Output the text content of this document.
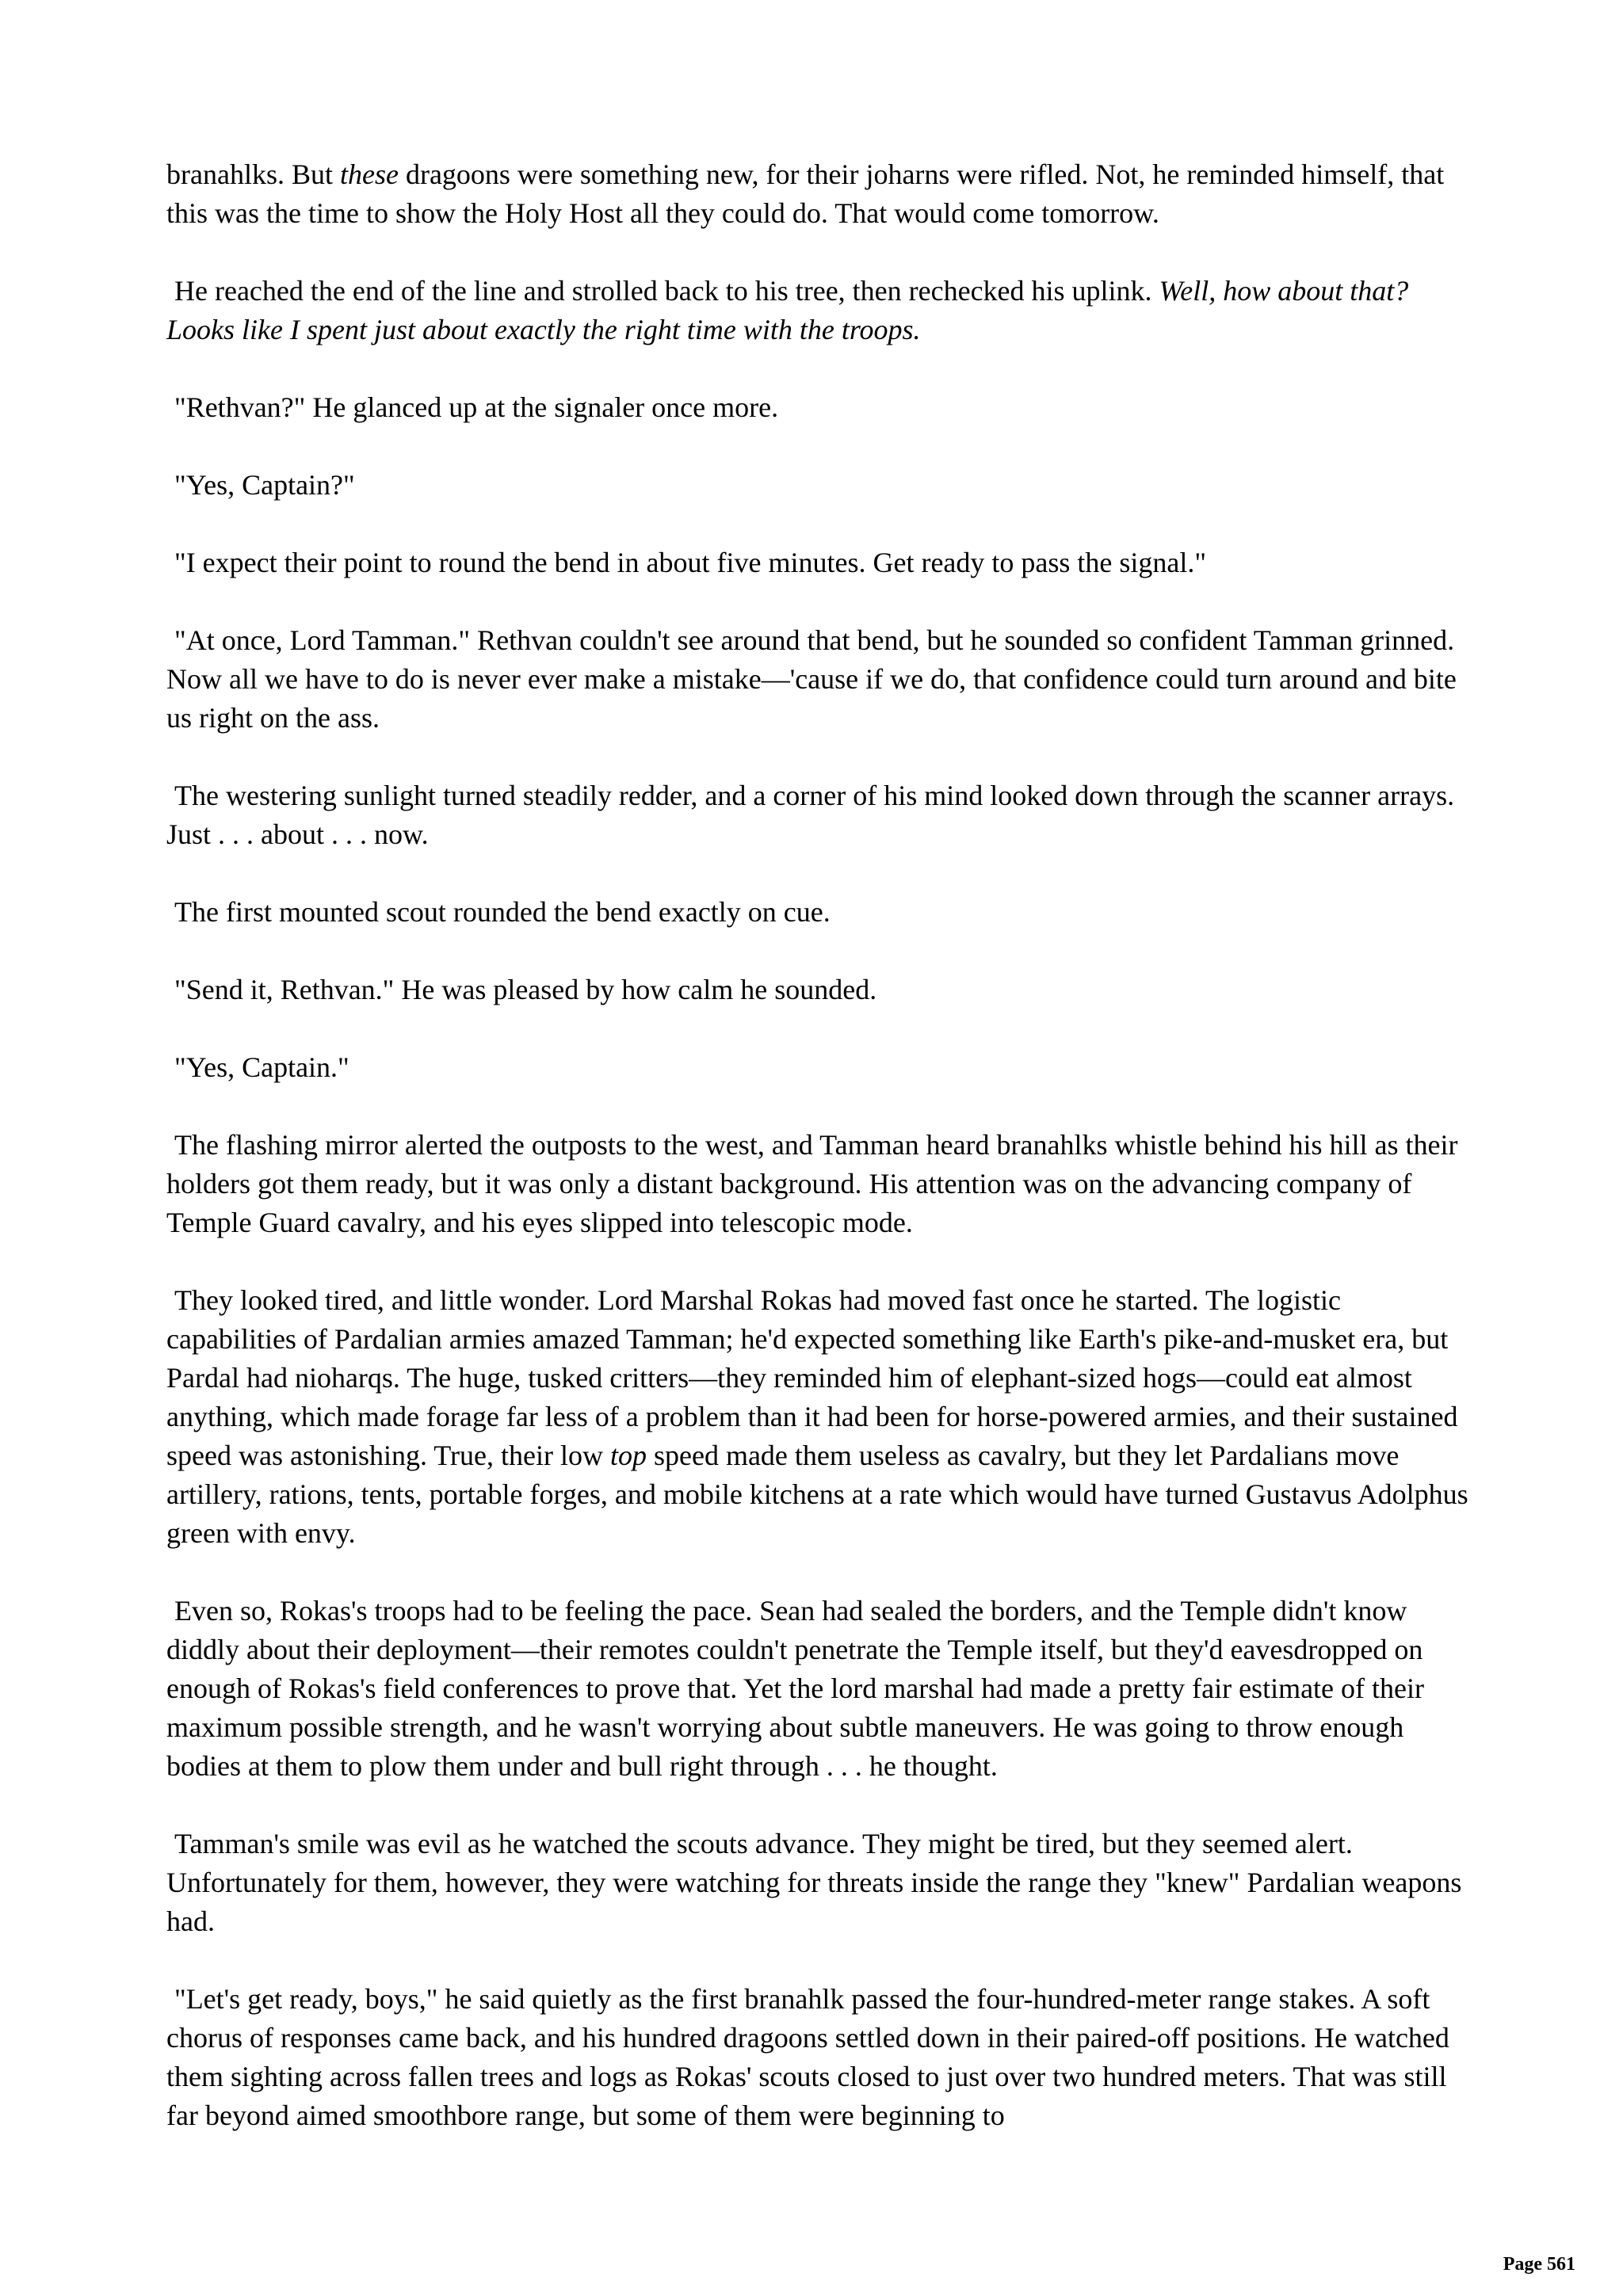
branahlks. But these dragoons were something new, for their joharns were rifled. Not, he reminded himself, that this was the time to show the Holy Host all they could do. That would come tomorrow.

He reached the end of the line and strolled back to his tree, then rechecked his uplink. Well, how about that? Looks like I spent just about exactly the right time with the troops.

"Rethvan?" He glanced up at the signaler once more.

"Yes, Captain?"

"I expect their point to round the bend in about five minutes. Get ready to pass the signal."

"At once, Lord Tamman." Rethvan couldn't see around that bend, but he sounded so confident Tamman grinned. Now all we have to do is never ever make a mistake—'cause if we do, that confidence could turn around and bite us right on the ass.

The westering sunlight turned steadily redder, and a corner of his mind looked down through the scanner arrays. Just . . . about . . . now.

The first mounted scout rounded the bend exactly on cue.

"Send it, Rethvan." He was pleased by how calm he sounded.

"Yes, Captain."

The flashing mirror alerted the outposts to the west, and Tamman heard branahlks whistle behind his hill as their holders got them ready, but it was only a distant background. His attention was on the advancing company of Temple Guard cavalry, and his eyes slipped into telescopic mode.

They looked tired, and little wonder. Lord Marshal Rokas had moved fast once he started. The logistic capabilities of Pardalian armies amazed Tamman; he'd expected something like Earth's pike-and-musket era, but Pardal had nioharqs. The huge, tusked critters—they reminded him of elephant-sized hogs—could eat almost anything, which made forage far less of a problem than it had been for horse-powered armies, and their sustained speed was astonishing. True, their low top speed made them useless as cavalry, but they let Pardalians move artillery, rations, tents, portable forges, and mobile kitchens at a rate which would have turned Gustavus Adolphus green with envy.

Even so, Rokas's troops had to be feeling the pace. Sean had sealed the borders, and the Temple didn't know diddly about their deployment—their remotes couldn't penetrate the Temple itself, but they'd eavesdropped on enough of Rokas's field conferences to prove that. Yet the lord marshal had made a pretty fair estimate of their maximum possible strength, and he wasn't worrying about subtle maneuvers. He was going to throw enough bodies at them to plow them under and bull right through . . . he thought.

Tamman's smile was evil as he watched the scouts advance. They might be tired, but they seemed alert. Unfortunately for them, however, they were watching for threats inside the range they "knew" Pardalian weapons had.

"Let's get ready, boys," he said quietly as the first branahlk passed the four-hundred-meter range stakes. A soft chorus of responses came back, and his hundred dragoons settled down in their paired-off positions. He watched them sighting across fallen trees and logs as Rokas' scouts closed to just over two hundred meters. That was still far beyond aimed smoothbore range, but some of them were beginning to

Page 561
